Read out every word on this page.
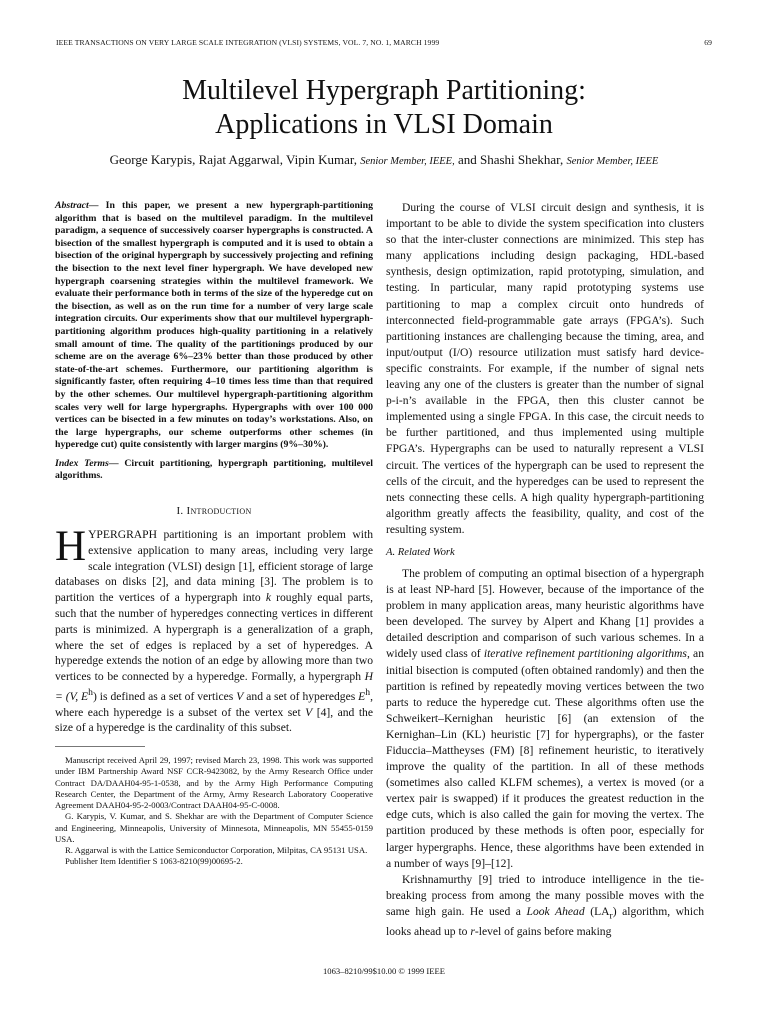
IEEE TRANSACTIONS ON VERY LARGE SCALE INTEGRATION (VLSI) SYSTEMS, VOL. 7, NO. 1, MARCH 1999	69
Multilevel Hypergraph Partitioning:
Applications in VLSI Domain
George Karypis, Rajat Aggarwal, Vipin Kumar, Senior Member, IEEE, and Shashi Shekhar, Senior Member, IEEE

Abstract— In this paper, we present a new hypergraph-partitioning algorithm that is based on the multilevel paradigm. In the multilevel paradigm, a sequence of successively coarser hypergraphs is constructed. A bisection of the smallest hypergraph is computed and it is used to obtain a bisection of the original hypergraph by successively projecting and refining the bisection to the next level finer hypergraph. We have developed new hypergraph coarsening strategies within the multilevel framework. We evaluate their performance both in terms of the size of the hyperedge cut on the bisection, as well as on the run time for a number of very large scale integration circuits. Our experiments show that our multilevel hypergraph-partitioning algorithm produces high-quality partitioning in a relatively small amount of time. The quality of the partitionings produced by our scheme are on the average 6%–23% better than those produced by other state-of-the-art schemes. Furthermore, our partitioning algorithm is significantly faster, often requiring 4–10 times less time than that required by the other schemes. Our multilevel hypergraph-partitioning algorithm scales very well for large hypergraphs. Hypergraphs with over 100 000 vertices can be bisected in a few minutes on today’s workstations. Also, on the large hypergraphs, our scheme outperforms other schemes (in hyperedge cut) quite consistently with larger margins (9%–30%).

Index Terms— Circuit partitioning, hypergraph partitioning, multilevel algorithms.

I. Introduction

HYPERGRAPH partitioning is an important problem with extensive application to many areas, including very large scale integration (VLSI) design [1], efficient storage of large databases on disks [2], and data mining [3]. The problem is to partition the vertices of a hypergraph into k roughly equal parts, such that the number of hyperedges connecting vertices in different parts is minimized. A hypergraph is a generalization of a graph, where the set of edges is replaced by a set of hyperedges. A hyperedge extends the notion of an edge by allowing more than two vertices to be connected by a hyperedge. Formally, a hypergraph H = (V, $E^h$) is defined as a set of vertices V and a set of hyperedges $E^h$, where each hyperedge is a subset of the vertex set V [4], and the size of a hyperedge is the cardinality of this subset.

Manuscript received April 29, 1997; revised March 23, 1998. This work was supported under IBM Partnership Award NSF CCR-9423082, by the Army Research Office under Contract DA/DAAH04-95-1-0538, and by the Army High Performance Computing Research Center, the Department of the Army, Army Research Laboratory Cooperative Agreement DAAH04-95-2-0003/Contract DAAH04-95-C-0008.

G. Karypis, V. Kumar, and S. Shekhar are with the Department of Computer Science and Engineering, Minneapolis, University of Minnesota, Minneapolis, MN 55455-0159 USA.

R. Aggarwal is with the Lattice Semiconductor Corporation, Milpitas, CA 95131 USA.

Publisher Item Identifier S 1063-8210(99)00695-2.

During the course of VLSI circuit design and synthesis, it is important to be able to divide the system specification into clusters so that the inter-cluster connections are minimized. This step has many applications including design packaging, HDL-based synthesis, design optimization, rapid prototyping, simulation, and testing. In particular, many rapid prototyping systems use partitioning to map a complex circuit onto hundreds of interconnected field-programmable gate arrays (FPGA’s). Such partitioning instances are challenging because the timing, area, and input/output (I/O) resource utilization must satisfy hard device-specific constraints. For example, if the number of signal nets leaving any one of the clusters is greater than the number of signal p-i-n’s available in the FPGA, then this cluster cannot be implemented using a single FPGA. In this case, the circuit needs to be further partitioned, and thus implemented using multiple FPGA’s. Hypergraphs can be used to naturally represent a VLSI circuit. The vertices of the hypergraph can be used to represent the cells of the circuit, and the hyperedges can be used to represent the nets connecting these cells. A high quality hypergraph-partitioning algorithm greatly affects the feasibility, quality, and cost of the resulting system.

A. Related Work

The problem of computing an optimal bisection of a hypergraph is at least NP-hard [5]. However, because of the importance of the problem in many application areas, many heuristic algorithms have been developed. The survey by Alpert and Khang [1] provides a detailed description and comparison of such various schemes. In a widely used class of iterative refinement partitioning algorithms, an initial bisection is computed (often obtained randomly) and then the partition is refined by repeatedly moving vertices between the two parts to reduce the hyperedge cut. These algorithms often use the Schweikert–Kernighan heuristic [6] (an extension of the Kernighan–Lin (KL) heuristic [7] for hypergraphs), or the faster Fiduccia–Mattheyses (FM) [8] refinement heuristic, to iteratively improve the quality of the partition. In all of these methods (sometimes also called KLFM schemes), a vertex is moved (or a vertex pair is swapped) if it produces the greatest reduction in the edge cuts, which is also called the gain for moving the vertex. The partition produced by these methods is often poor, especially for larger hypergraphs. Hence, these algorithms have been extended in a number of ways [9]–[12].

Krishnamurthy [9] tried to introduce intelligence in the tie-breaking process from among the many possible moves with the same high gain. He used a Look Ahead $(LA_r)$ algorithm, which looks ahead up to r-level of gains before making

1063–8210/99$10.00 © 1999 IEEE
